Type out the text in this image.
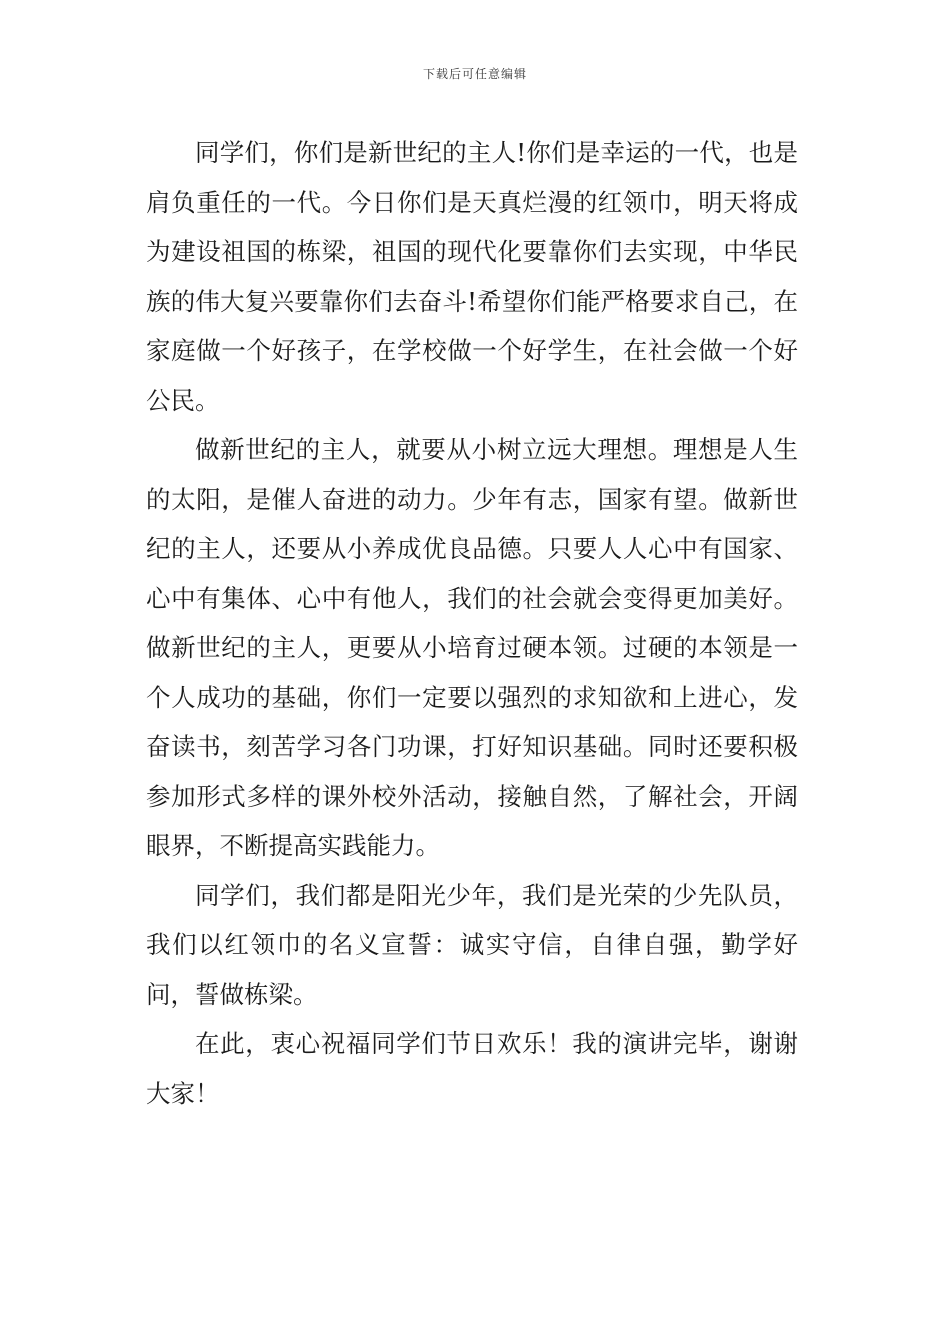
下载后可任意编辑

同学们，你们是新世纪的主人!你们是幸运的一代，也是肩负重任的一代。今日你们是天真烂漫的红领巾，明天将成为建设祖国的栋梁，祖国的现代化要靠你们去实现，中华民族的伟大复兴要靠你们去奋斗!希望你们能严格要求自己，在家庭做一个好孩子，在学校做一个好学生，在社会做一个好公民。

做新世纪的主人，就要从小树立远大理想。理想是人生的太阳，是催人奋进的动力。少年有志，国家有望。做新世纪的主人，还要从小养成优良品德。只要人人心中有国家、心中有集体、心中有他人，我们的社会就会变得更加美好。做新世纪的主人，更要从小培育过硬本领。过硬的本领是一个人成功的基础，你们一定要以强烈的求知欲和上进心，发奋读书，刻苦学习各门功课，打好知识基础。同时还要积极参加形式多样的课外校外活动，接触自然，了解社会，开阔眼界，不断提高实践能力。

同学们，我们都是阳光少年，我们是光荣的少先队员，我们以红领巾的名义宣誓：诚实守信，自律自强，勤学好问，誓做栋梁。

在此，衷心祝福同学们节日欢乐！我的演讲完毕，谢谢大家！
